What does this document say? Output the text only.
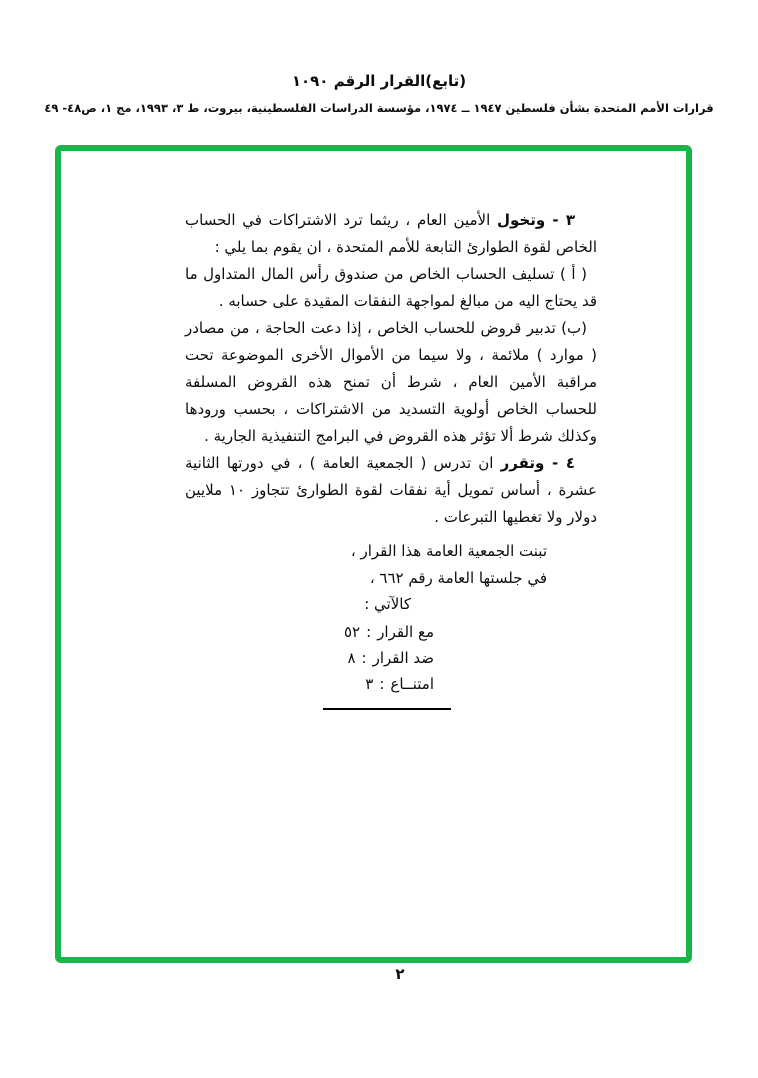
(تابع)القرار الرقم ١٠٩٠
قرارات الأمم المتحدة بشأن فلسطين ١٩٤٧ ــ ١٩٧٤، مؤسسة الدراسات الفلسطينية، بيروت، ط ٣، ١٩٩٣، مج ١، ص٤٨- ٤٩

٣ - وتخول الأمين العام ، ريثما ترد الاشتراكات في الحساب الخاص لقوة الطوارئ التابعة للأمم المتحدة ، ان يقوم بما يلي :

( أ ) تسليف الحساب الخاص من صندوق رأس المال المتداول ما قد يحتاج اليه من مبالغ لمواجهة النفقات المقيدة على حسابه .

(ب) تدبير قروض للحساب الخاص ، إذا دعت الحاجة ، من مصادر ( موارد ) ملائمة ، ولا سيما من الأموال الأخرى الموضوعة تحت مراقبة الأمين العام ، شرط أن تمنح هذه القروض المسلفة للحساب الخاص أولوية التسديد من الاشتراكات ، بحسب ورودها وكذلك شرط ألا تؤثر هذه القروض في البرامج التنفيذية الجارية .

٤ - وتقرر ان تدرس ( الجمعية العامة ) ، في دورتها الثانية عشرة ، أساس تمويل أية نفقات لقوة الطوارئ تتجاوز ١٠ ملايين دولار ولا تغطيها التبرعات .

تبنت الجمعية العامة هذا القرار ،

في جلستها العامة رقم ٦٦٢ ،

كالآتي :

مع القرار:٥٢

ضد القرار:٨

امتنــاع:٣

٢
